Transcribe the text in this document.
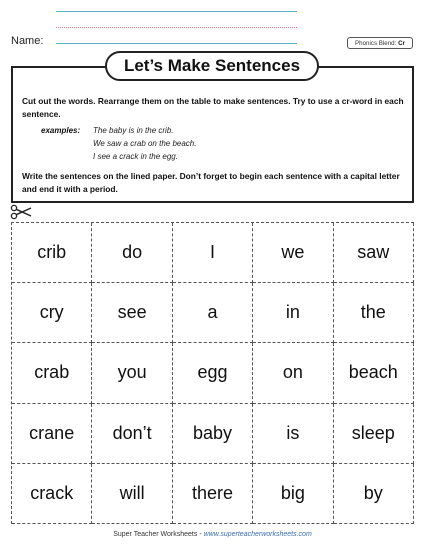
Name:	Phonics Blend: Cr
Let’s Make Sentences
Cut out the words. Rearrange them on the table to make sentences. Try to use a cr-word in each sentence.
examples: The baby is in the crib.
We saw a crab on the beach.
I see a crack in the egg.
Write the sentences on the lined paper. Don’t forget to begin each sentence with a capital letter and end it with a period.
crib	do	I	we	saw
cry	see	a	in	the
crab	you	egg	on	beach
crane	don’t	baby	is	sleep
crack	will	there	big	by
Super Teacher Worksheets - www.superteacherworksheets.com
